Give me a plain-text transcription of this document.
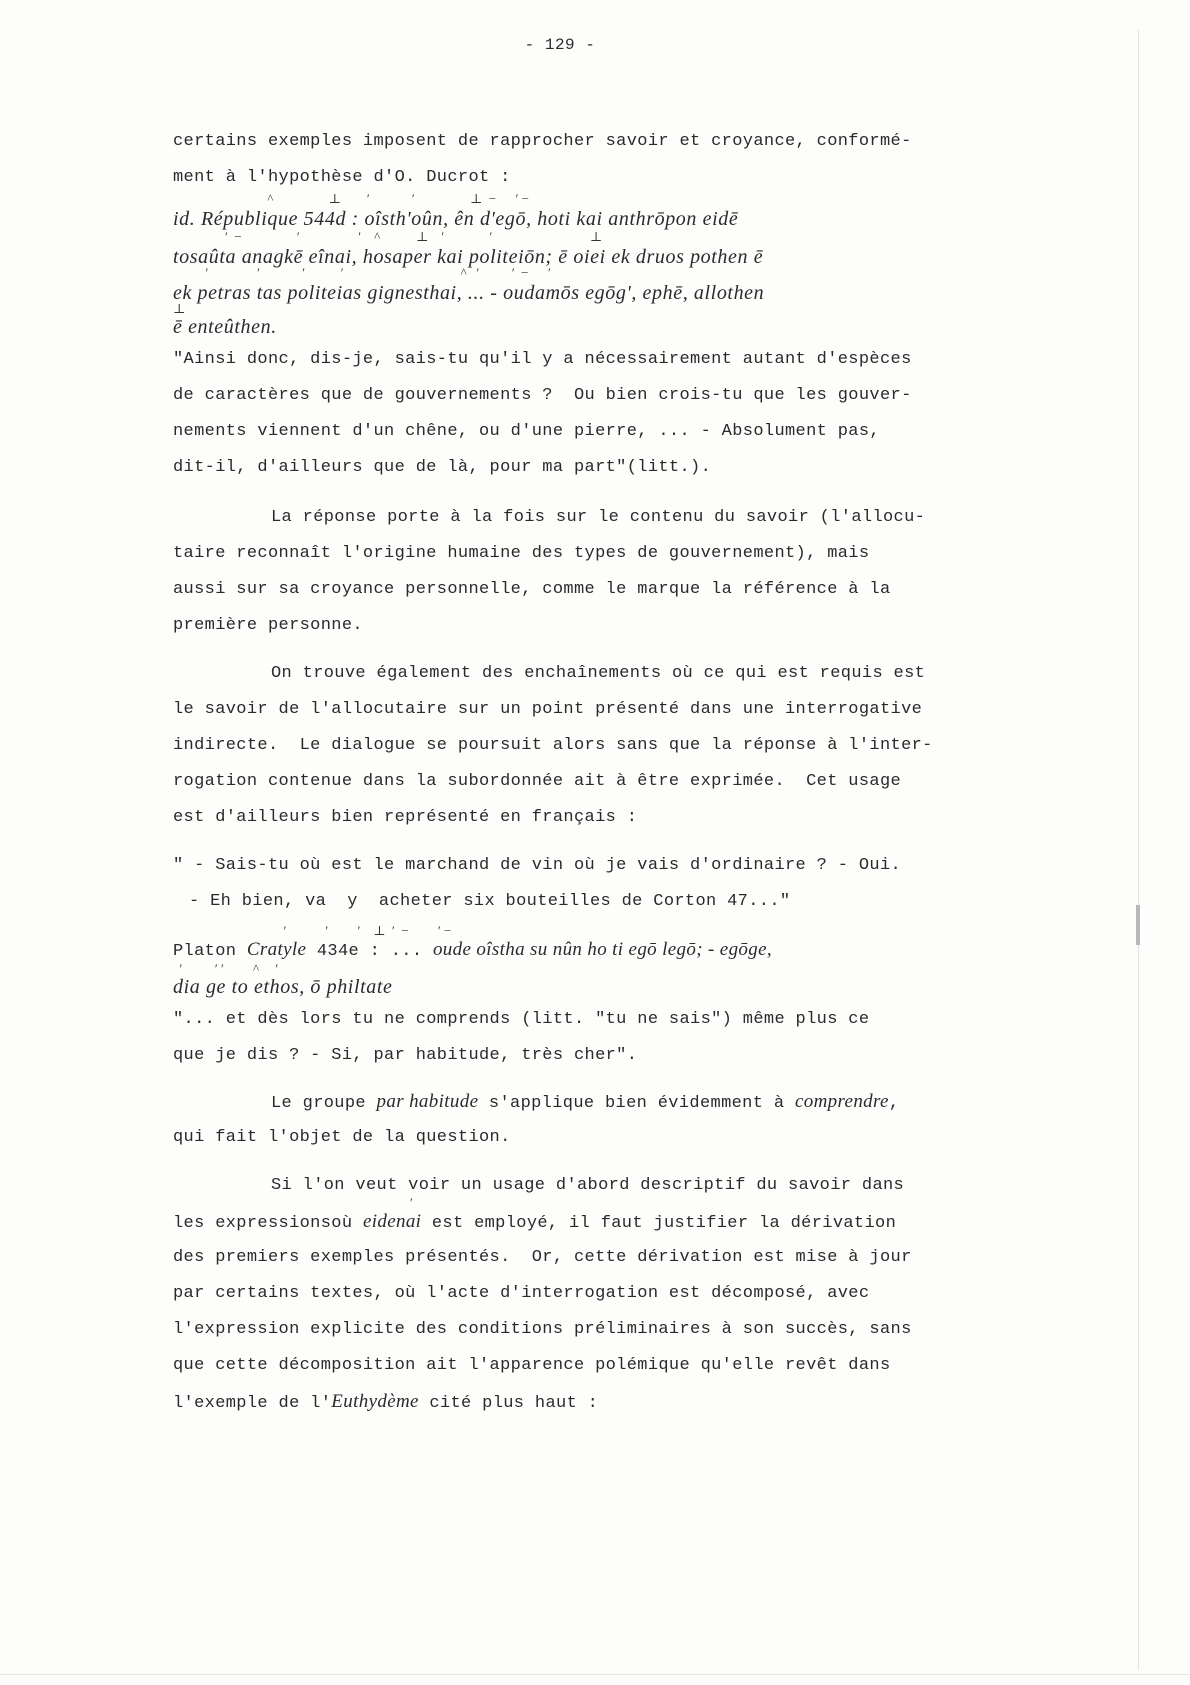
- 129 -
certains exemples imposent de rapprocher savoir et croyance, conformé-
ment à l'hypothèse d'O. Ducrot :
^                 ⊥        ′             ′                 ⊥  −      ′ −
id. République 544d : oîsth'oûn, ên d'egō, hoti kai anthrōpon eidē
′  −                 ′                  ′    ^           ⊥    ′              ′                              ⊥
tosaûta anagkē eînai, hosaper kai politeiōn; ē oiei ek druos pothen ē
′               ′             ′           ′                                    ^   ′          ′  −      ′
ek petras tas politeias gignesthai, ... - oudamōs egōg', ephē, allothen
⊥
ē enteûthen.
"Ainsi donc, dis-je, sais-tu qu'il y a nécessairement autant d'espèces
de caractères que de gouvernements ?  Ou bien crois-tu que les gouver-
nements viennent d'un chêne, ou d'une pierre, ... - Absolument pas,
dit-il, d'ailleurs que de là, pour ma part"(litt.).
La réponse porte à la fois sur le contenu du savoir (l'allocu-
taire reconnaît l'origine humaine des types de gouvernement), mais
aussi sur sa croyance personnelle, comme le marque la référence à la
première personne.
On trouve également des enchaînements où ce qui est requis est
le savoir de l'allocutaire sur un point présenté dans une interrogative
indirecte.  Le dialogue se poursuit alors sans que la réponse à l'inter-
rogation contenue dans la subordonnée ait à être exprimée.  Cet usage
est d'ailleurs bien représenté en français :
" - Sais-tu où est le marchand de vin où je vais d'ordinaire ? - Oui.
- Eh bien, va  y  acheter six bouteilles de Corton 47..."
′            ′         ′    ⊥  ′  −         ′ −
Platon Cratyle 434e : ... oude oîstha su nûn ho ti egō legō; - egōge,
′          ′ ′         ^     ′
dia ge to ethos, ō philtate
"... et dès lors tu ne comprends (litt. "tu ne sais") même plus ce
que je dis ? - Si, par habitude, très cher".
Le groupe par habitude s'applique bien évidemment à comprendre,
qui fait l'objet de la question.
Si l'on veut voir un usage d'abord descriptif du savoir dans
′
les expressionsoù eidenai est employé, il faut justifier la dérivation
des premiers exemples présentés.  Or, cette dérivation est mise à jour
par certains textes, où l'acte d'interrogation est décomposé, avec
l'expression explicite des conditions préliminaires à son succès, sans
que cette décomposition ait l'apparence polémique qu'elle revêt dans
l'exemple de l'Euthydème cité plus haut :
